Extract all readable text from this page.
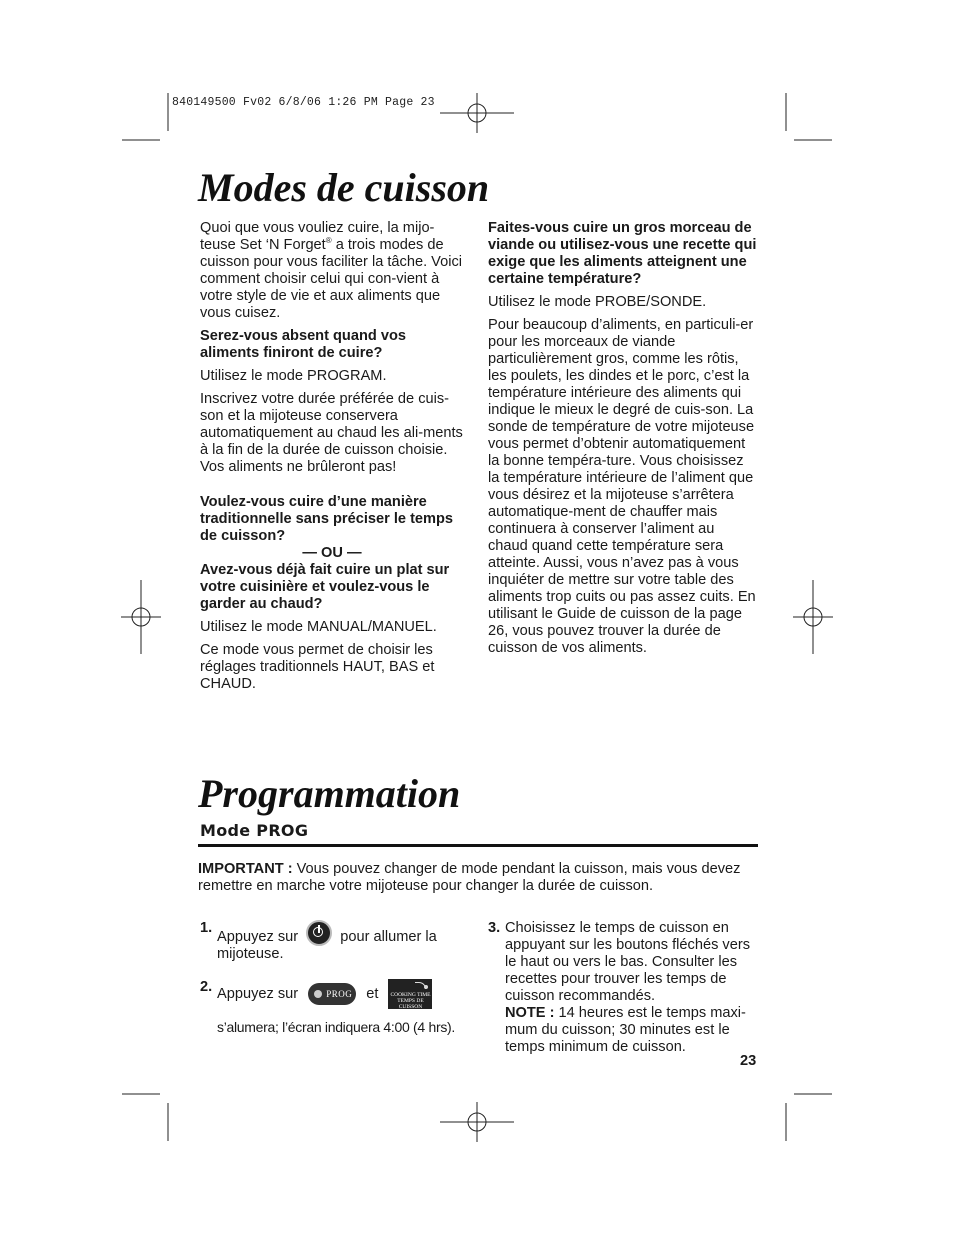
840149500 Fv02 6/8/06 1:26 PM Page 23
Modes de cuisson

Quoi que vous vouliez cuire, la mijo- teuse Set ‘N Forget® a trois modes de cuisson pour vous faciliter la tâche. Voici comment choisir celui qui con-vient à votre style de vie et aux aliments que vous cuisez.

Serez-vous absent quand vos aliments finiront de cuire?

Utilisez le mode PROGRAM.

Inscrivez votre durée préférée de cuis-son et la mijoteuse conservera automatiquement au chaud les ali-ments à la fin de la durée de cuisson choisie. Vos aliments ne brûleront pas!

Voulez-vous cuire d’une manière traditionnelle sans préciser le temps de cuisson?

— OU —

Avez-vous déjà fait cuire un plat sur votre cuisinière et voulez-vous le garder au chaud?

Utilisez le mode MANUAL/MANUEL.

Ce mode vous permet de choisir les réglages traditionnels HAUT, BAS et CHAUD.

Faites-vous cuire un gros morceau de viande ou utilisez-vous une recette qui exige que les aliments atteignent une certaine température?

Utilisez le mode PROBE/SONDE.

Pour beaucoup d’aliments, en particuli-er pour les morceaux de viande particulièrement gros, comme les rôtis, les poulets, les dindes et le porc, c’est la température intérieure des aliments qui indique le mieux le degré de cuis-son. La sonde de température de votre mijoteuse vous permet d’obtenir automatiquement la bonne tempéra-ture. Vous choisissez la température intérieure de l’aliment que vous désirez et la mijoteuse s’arrêtera automatique-ment de chauffer mais continuera à conserver l’aliment au chaud quand cette température sera atteinte. Aussi, vous n’avez pas à vous inquiéter de mettre sur votre table des aliments trop cuits ou pas assez cuits. En utilisant le Guide de cuisson de la page 26, vous pouvez trouver la durée de cuisson de vos aliments.

Programmation
Mode PROG

IMPORTANT : Vous pouvez changer de mode pendant la cuisson, mais vous devez remettre en marche votre mijoteuse pour changer la durée de cuisson.

1.
Appuyez sur	pour allumer la mijoteuse.
2. Appuyez sur	PROG et COOKING TIME
TEMPS DE CUISSON
s’alumera; l’écran indiquera 4:00 (4 hrs).
3. Choisissez le temps de cuisson en appuyant sur les boutons fléchés vers le haut ou vers le bas. Consulter les recettes pour trouver les temps de cuisson recommandés.
NOTE : 14 heures est le temps maxi-mum du cuisson; 30 minutes est le temps minimum de cuisson.
23
